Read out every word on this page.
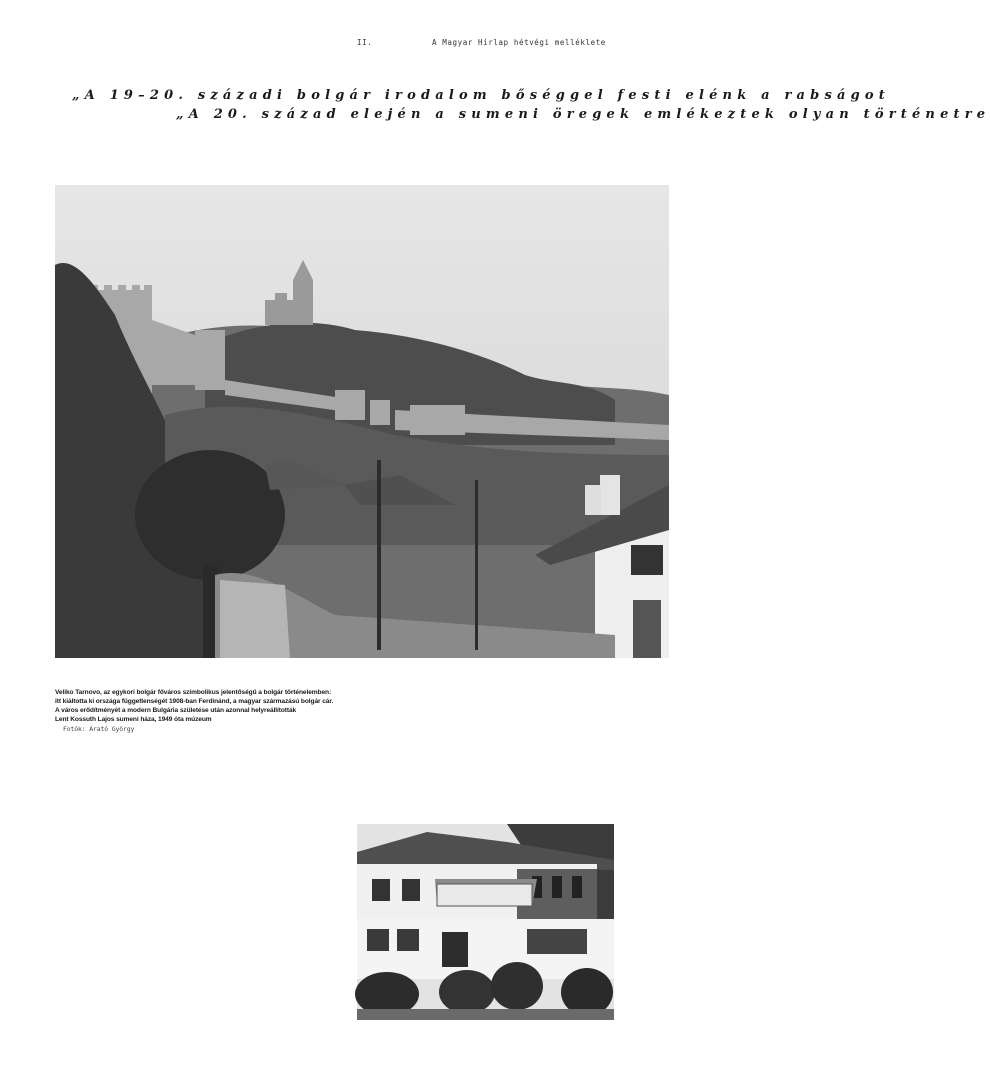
II.	A Magyar Hírlap hétvégi melléklete
„A 19–20. századi bolgár irodalom bőséggel festi elénk a rabságot
„A 20. század elején a sumeni öregek emlékeztek olyan történetre
Veliko Tarnovo, az egykori bolgár főváros szimbolikus jelentőségű a bolgár történelemben:
itt kiáltotta ki országa függetlenségét 1908-ban Ferdinánd, a magyar származású bolgár cár.
A város erődítményét a modern Bulgária születése után azonnal helyreállították
Lent Kossuth Lajos sumeni háza, 1949 óta múzeum
Fotók: Arató György
